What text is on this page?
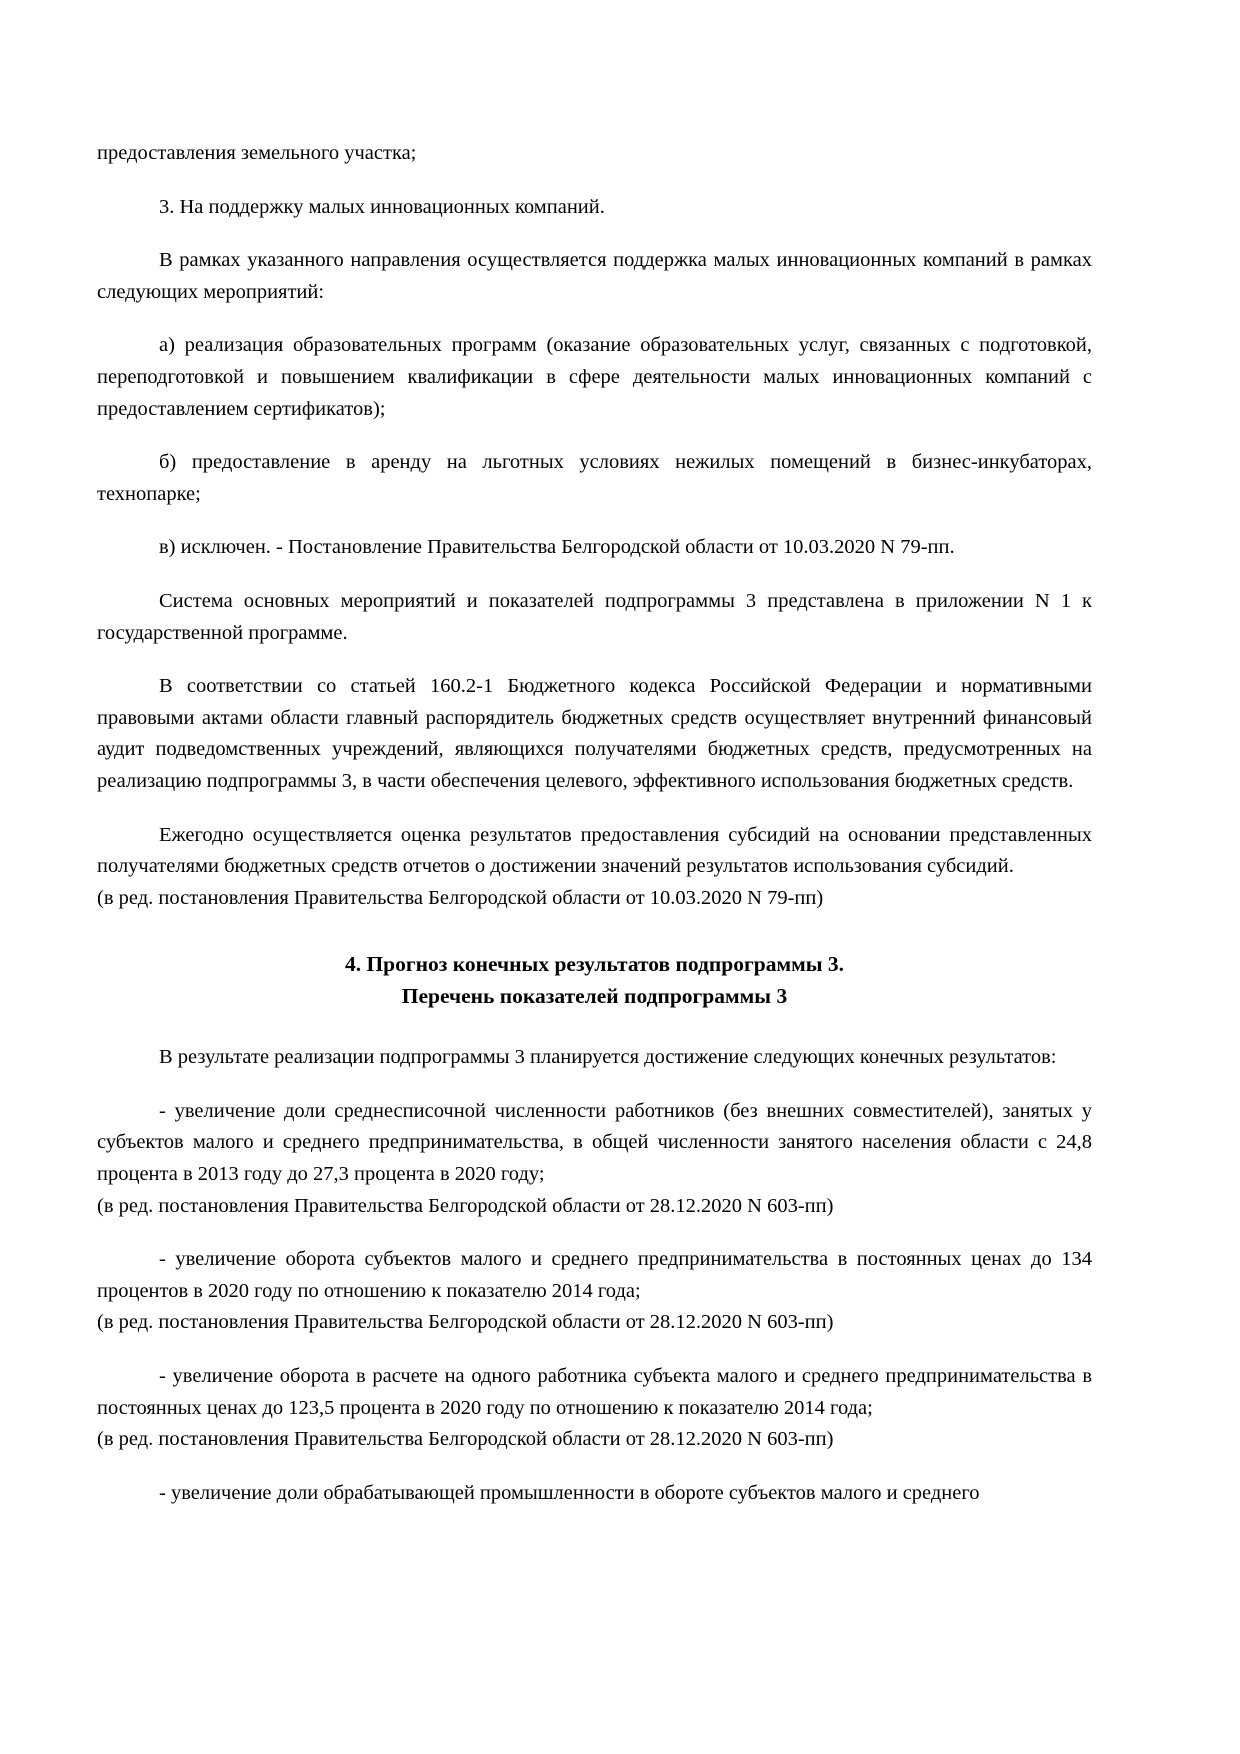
предоставления земельного участка;

3. На поддержку малых инновационных компаний.

В рамках указанного направления осуществляется поддержка малых инновационных компаний в рамках следующих мероприятий:

а) реализация образовательных программ (оказание образовательных услуг, связанных с подготовкой, переподготовкой и повышением квалификации в сфере деятельности малых инновационных компаний с предоставлением сертификатов);

б) предоставление в аренду на льготных условиях нежилых помещений в бизнес-инкубаторах, технопарке;

в) исключен. - Постановление Правительства Белгородской области от 10.03.2020 N 79-пп.

Система основных мероприятий и показателей подпрограммы 3 представлена в приложении N 1 к государственной программе.

В соответствии со статьей 160.2-1 Бюджетного кодекса Российской Федерации и нормативными правовыми актами области главный распорядитель бюджетных средств осуществляет внутренний финансовый аудит подведомственных учреждений, являющихся получателями бюджетных средств, предусмотренных на реализацию подпрограммы 3, в части обеспечения целевого, эффективного использования бюджетных средств.

Ежегодно осуществляется оценка результатов предоставления субсидий на основании представленных получателями бюджетных средств отчетов о достижении значений результатов использования субсидий.

(в ред. постановления Правительства Белгородской области от 10.03.2020 N 79-пп)

4. Прогноз конечных результатов подпрограммы 3.
Перечень показателей подпрограммы 3

В результате реализации подпрограммы 3 планируется достижение следующих конечных результатов:

- увеличение доли среднесписочной численности работников (без внешних совместителей), занятых у субъектов малого и среднего предпринимательства, в общей численности занятого населения области с 24,8 процента в 2013 году до 27,3 процента в 2020 году;

(в ред. постановления Правительства Белгородской области от 28.12.2020 N 603-пп)

- увеличение оборота субъектов малого и среднего предпринимательства в постоянных ценах до 134 процентов в 2020 году по отношению к показателю 2014 года;

(в ред. постановления Правительства Белгородской области от 28.12.2020 N 603-пп)

- увеличение оборота в расчете на одного работника субъекта малого и среднего предпринимательства в постоянных ценах до 123,5 процента в 2020 году по отношению к показателю 2014 года;

(в ред. постановления Правительства Белгородской области от 28.12.2020 N 603-пп)

- увеличение доли обрабатывающей промышленности в обороте субъектов малого и среднего
